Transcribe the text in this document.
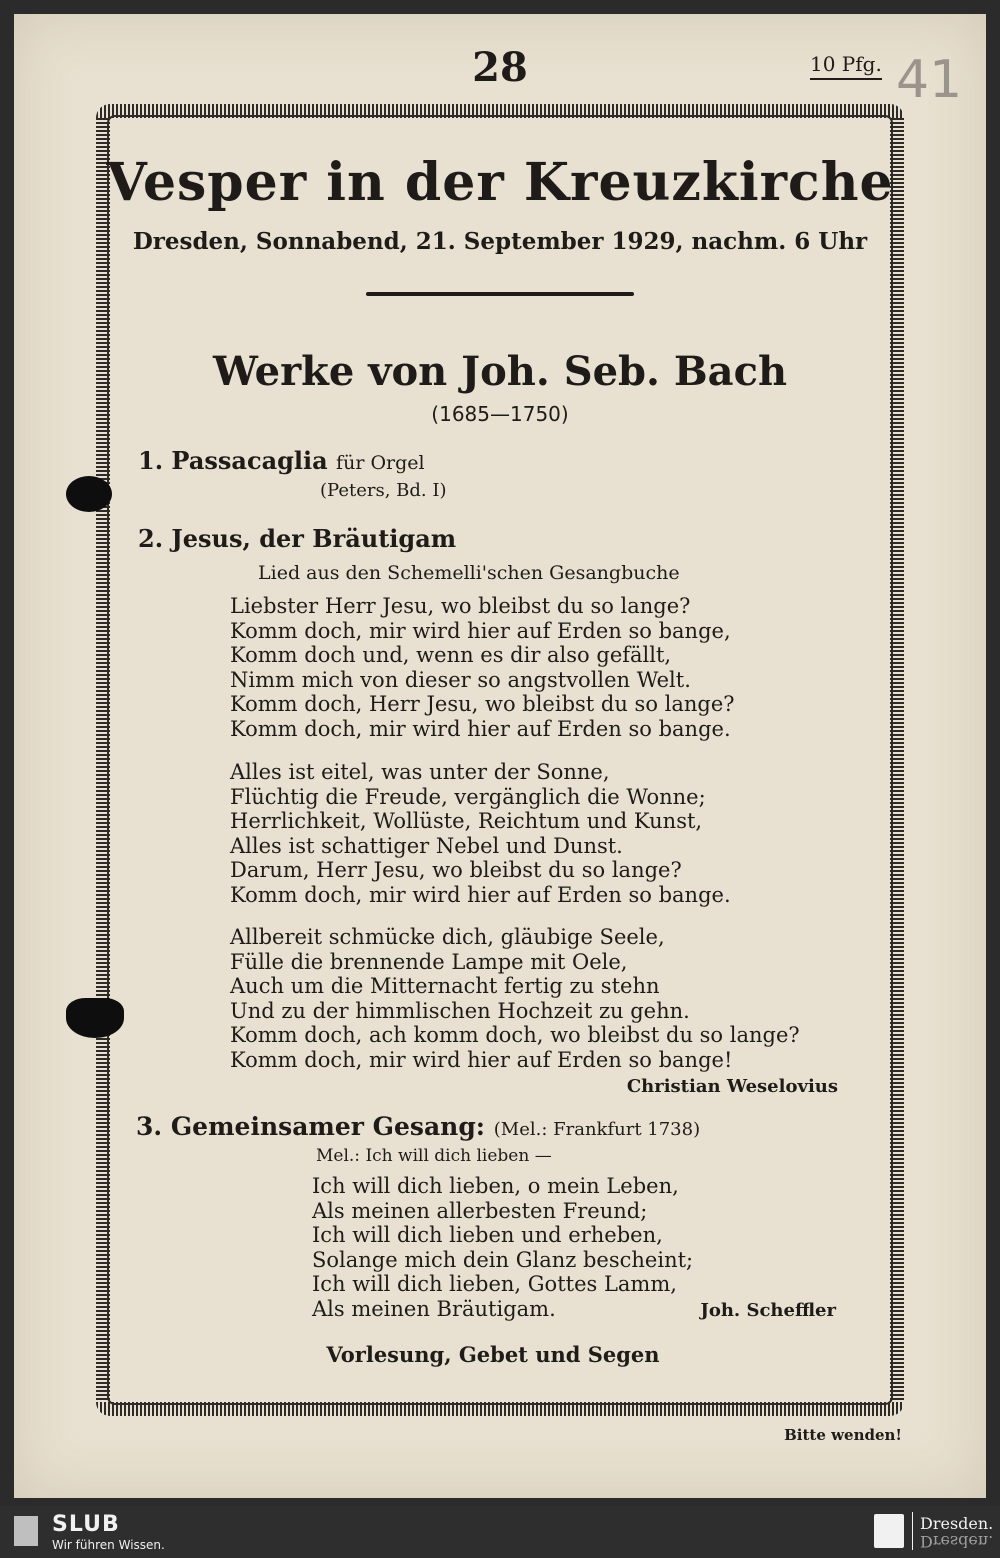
28	10 Pfg. 41
Vesper in der Kreuzkirche
Dresden, Sonnabend, 21. September 1929, nachm. 6 Uhr
Werke von Joh. Seb. Bach
(1685—1750)
1. Passacaglia für Orgel
(Peters, Bd. I)
2. Jesus, der Bräutigam
Lied aus den Schemelli'schen Gesangbuche
Liebster Herr Jesu, wo bleibst du so lange?
Komm doch, mir wird hier auf Erden so bange,
Komm doch und, wenn es dir also gefällt,
Nimm mich von dieser so angstvollen Welt.
Komm doch, Herr Jesu, wo bleibst du so lange?
Komm doch, mir wird hier auf Erden so bange.
Alles ist eitel, was unter der Sonne,
Flüchtig die Freude, vergänglich die Wonne;
Herrlichkeit, Wollüste, Reichtum und Kunst,
Alles ist schattiger Nebel und Dunst.
Darum, Herr Jesu, wo bleibst du so lange?
Komm doch, mir wird hier auf Erden so bange.
Allbereit schmücke dich, gläubige Seele,
Fülle die brennende Lampe mit Oele,
Auch um die Mitternacht fertig zu stehn
Und zu der himmlischen Hochzeit zu gehn.
Komm doch, ach komm doch, wo bleibst du so lange?
Komm doch, mir wird hier auf Erden so bange!
Christian Weselovius
3. Gemeinsamer Gesang: (Mel.: Frankfurt 1738)
Mel.: Ich will dich lieben —
Ich will dich lieben, o mein Leben,
Als meinen allerbesten Freund;
Ich will dich lieben und erheben,
Solange mich dein Glanz bescheint;
Ich will dich lieben, Gottes Lamm,
Als meinen Bräutigam.	Joh. Scheffler
Vorlesung, Gebet und Segen
Bitte wenden!
SLUB
Wir führen Wissen.
Dresden.
Dresden.
